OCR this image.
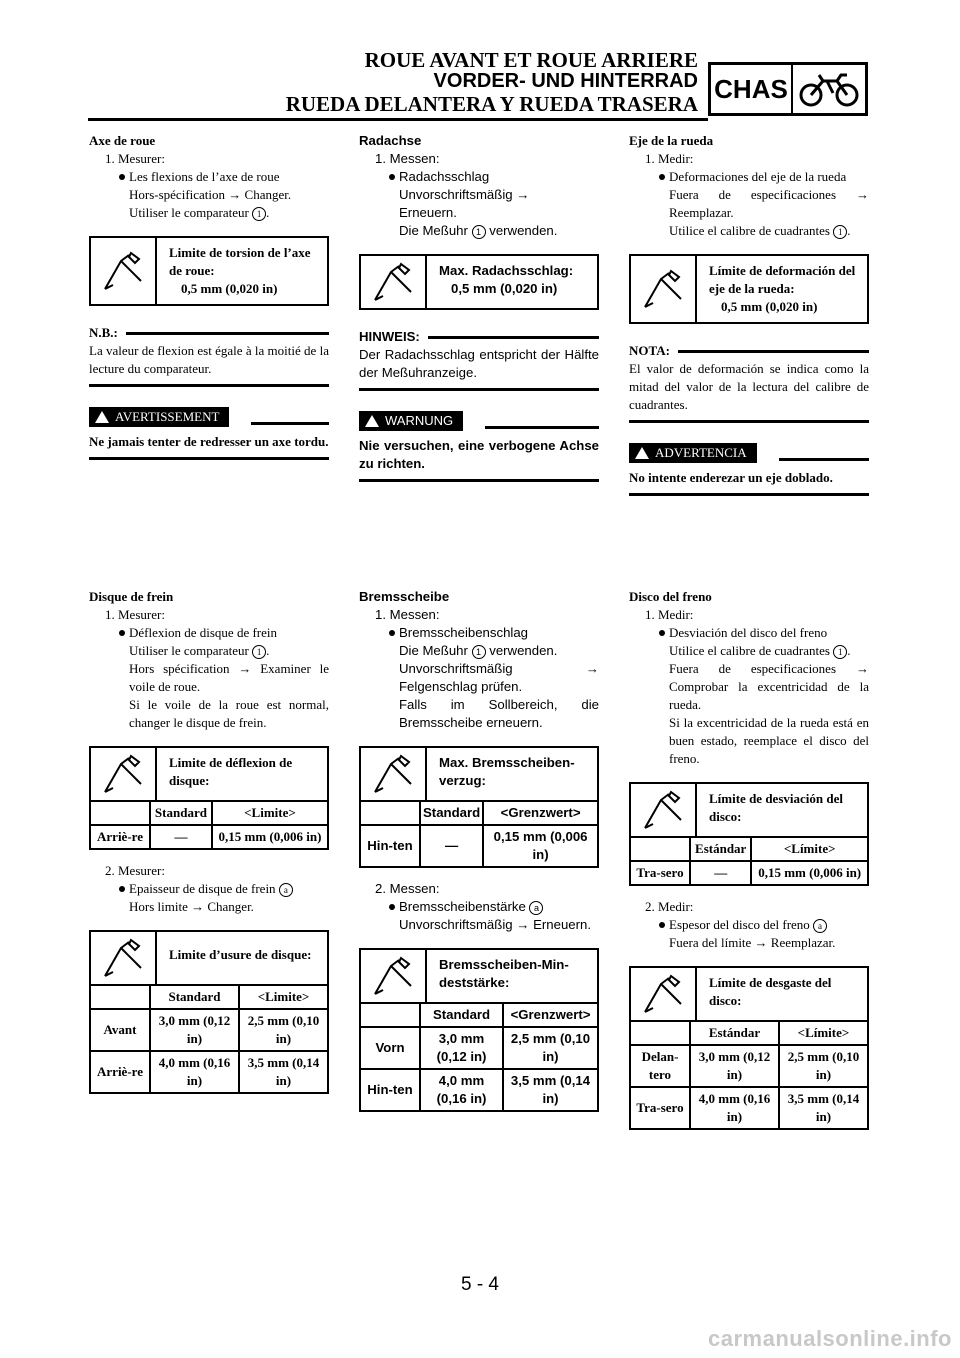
ROUE AVANT ET ROUE ARRIERE
VORDER- UND HINTERRAD
RUEDA DELANTERA Y RUEDA TRASERA
CHAS
Axe de roue
1. Mesurer:
Les flexions de l’axe de roue
Hors-spécification → Changer.
Utiliser le comparateur 1 .
Limite de torsion de l’axe de roue:
0,5 mm (0,020 in)
N.B.:
La valeur de flexion est égale à la moitié de la lecture du comparateur.
AVERTISSEMENT
Ne jamais tenter de redresser un axe tordu.
Radachse
1. Messen:
Radachsschlag
Unvorschriftsmäßig →
Erneuern.
Die Meßuhr 1 verwenden.
Max. Radachsschlag:
0,5 mm (0,020 in)
HINWEIS:
Der Radachsschlag entspricht der Hälfte der Meßuhranzeige.
WARNUNG
Nie versuchen, eine verbogene Achse zu richten.
Eje de la rueda
1. Medir:
Deformaciones del eje de la rueda
Fuera de especificaciones → Reemplazar.
Utilice el calibre de cuadrantes 1 .
Límite de deformación del eje de la rueda:
0,5 mm (0,020 in)
NOTA:
El valor de deformación se indica como la mitad del valor de la lectura del calibre de cuadrantes.
ADVERTENCIA
No intente enderezar un eje doblado.
Disque de frein
1. Mesurer:
Déflexion de disque de frein
Utiliser le comparateur 1 .
Hors spécification → Examiner le voile de roue.
Si le voile de la roue est normal, changer le disque de frein.
Limite de déflexion de disque:
	Standard	<Limite>
Arriè-re	—	0,15 mm (0,006 in)
2. Mesurer:
Epaisseur de disque de frein a
Hors limite → Changer.
Limite d’usure de disque:
	Standard	<Limite>
Avant	3,0 mm (0,12 in)	2,5 mm (0,10 in)
Arriè-re	4,0 mm (0,16 in)	3,5 mm (0,14 in)
Bremsscheibe
1. Messen:
Bremsscheibenschlag
Die Meßuhr 1 verwenden.
Unvorschriftsmäßig → Felgenschlag prüfen.
Falls im Sollbereich, die Bremsscheibe erneuern.
Max. Bremsscheiben-verzug:
	Standard	<Grenzwert>
Hin-ten	—	0,15 mm (0,006 in)
2. Messen:
Bremsscheibenstärke a
Unvorschriftsmäßig → Erneuern.
Bremsscheiben-Min-deststärke:
	Standard	<Grenzwert>
Vorn	3,0 mm (0,12 in)	2,5 mm (0,10 in)
Hin-ten	4,0 mm (0,16 in)	3,5 mm (0,14 in)
Disco del freno
1. Medir:
Desviación del disco del freno
Utilice el calibre de cuadrantes 1 .
Fuera de especificaciones → Comprobar la excentricidad de la rueda.
Si la excentricidad de la rueda está en buen estado, reemplace el disco del freno.
Límite de desviación del disco:
	Estándar	<Límite>
Tra-sero	—	0,15 mm (0,006 in)
2. Medir:
Espesor del disco del freno a
Fuera del límite → Reemplazar.
Límite de desgaste del disco:
	Estándar	<Límite>
Delan-tero	3,0 mm (0,12 in)	2,5 mm (0,10 in)
Tra-sero	4,0 mm (0,16 in)	3,5 mm (0,14 in)
5 - 4
carmanualsonline.info
